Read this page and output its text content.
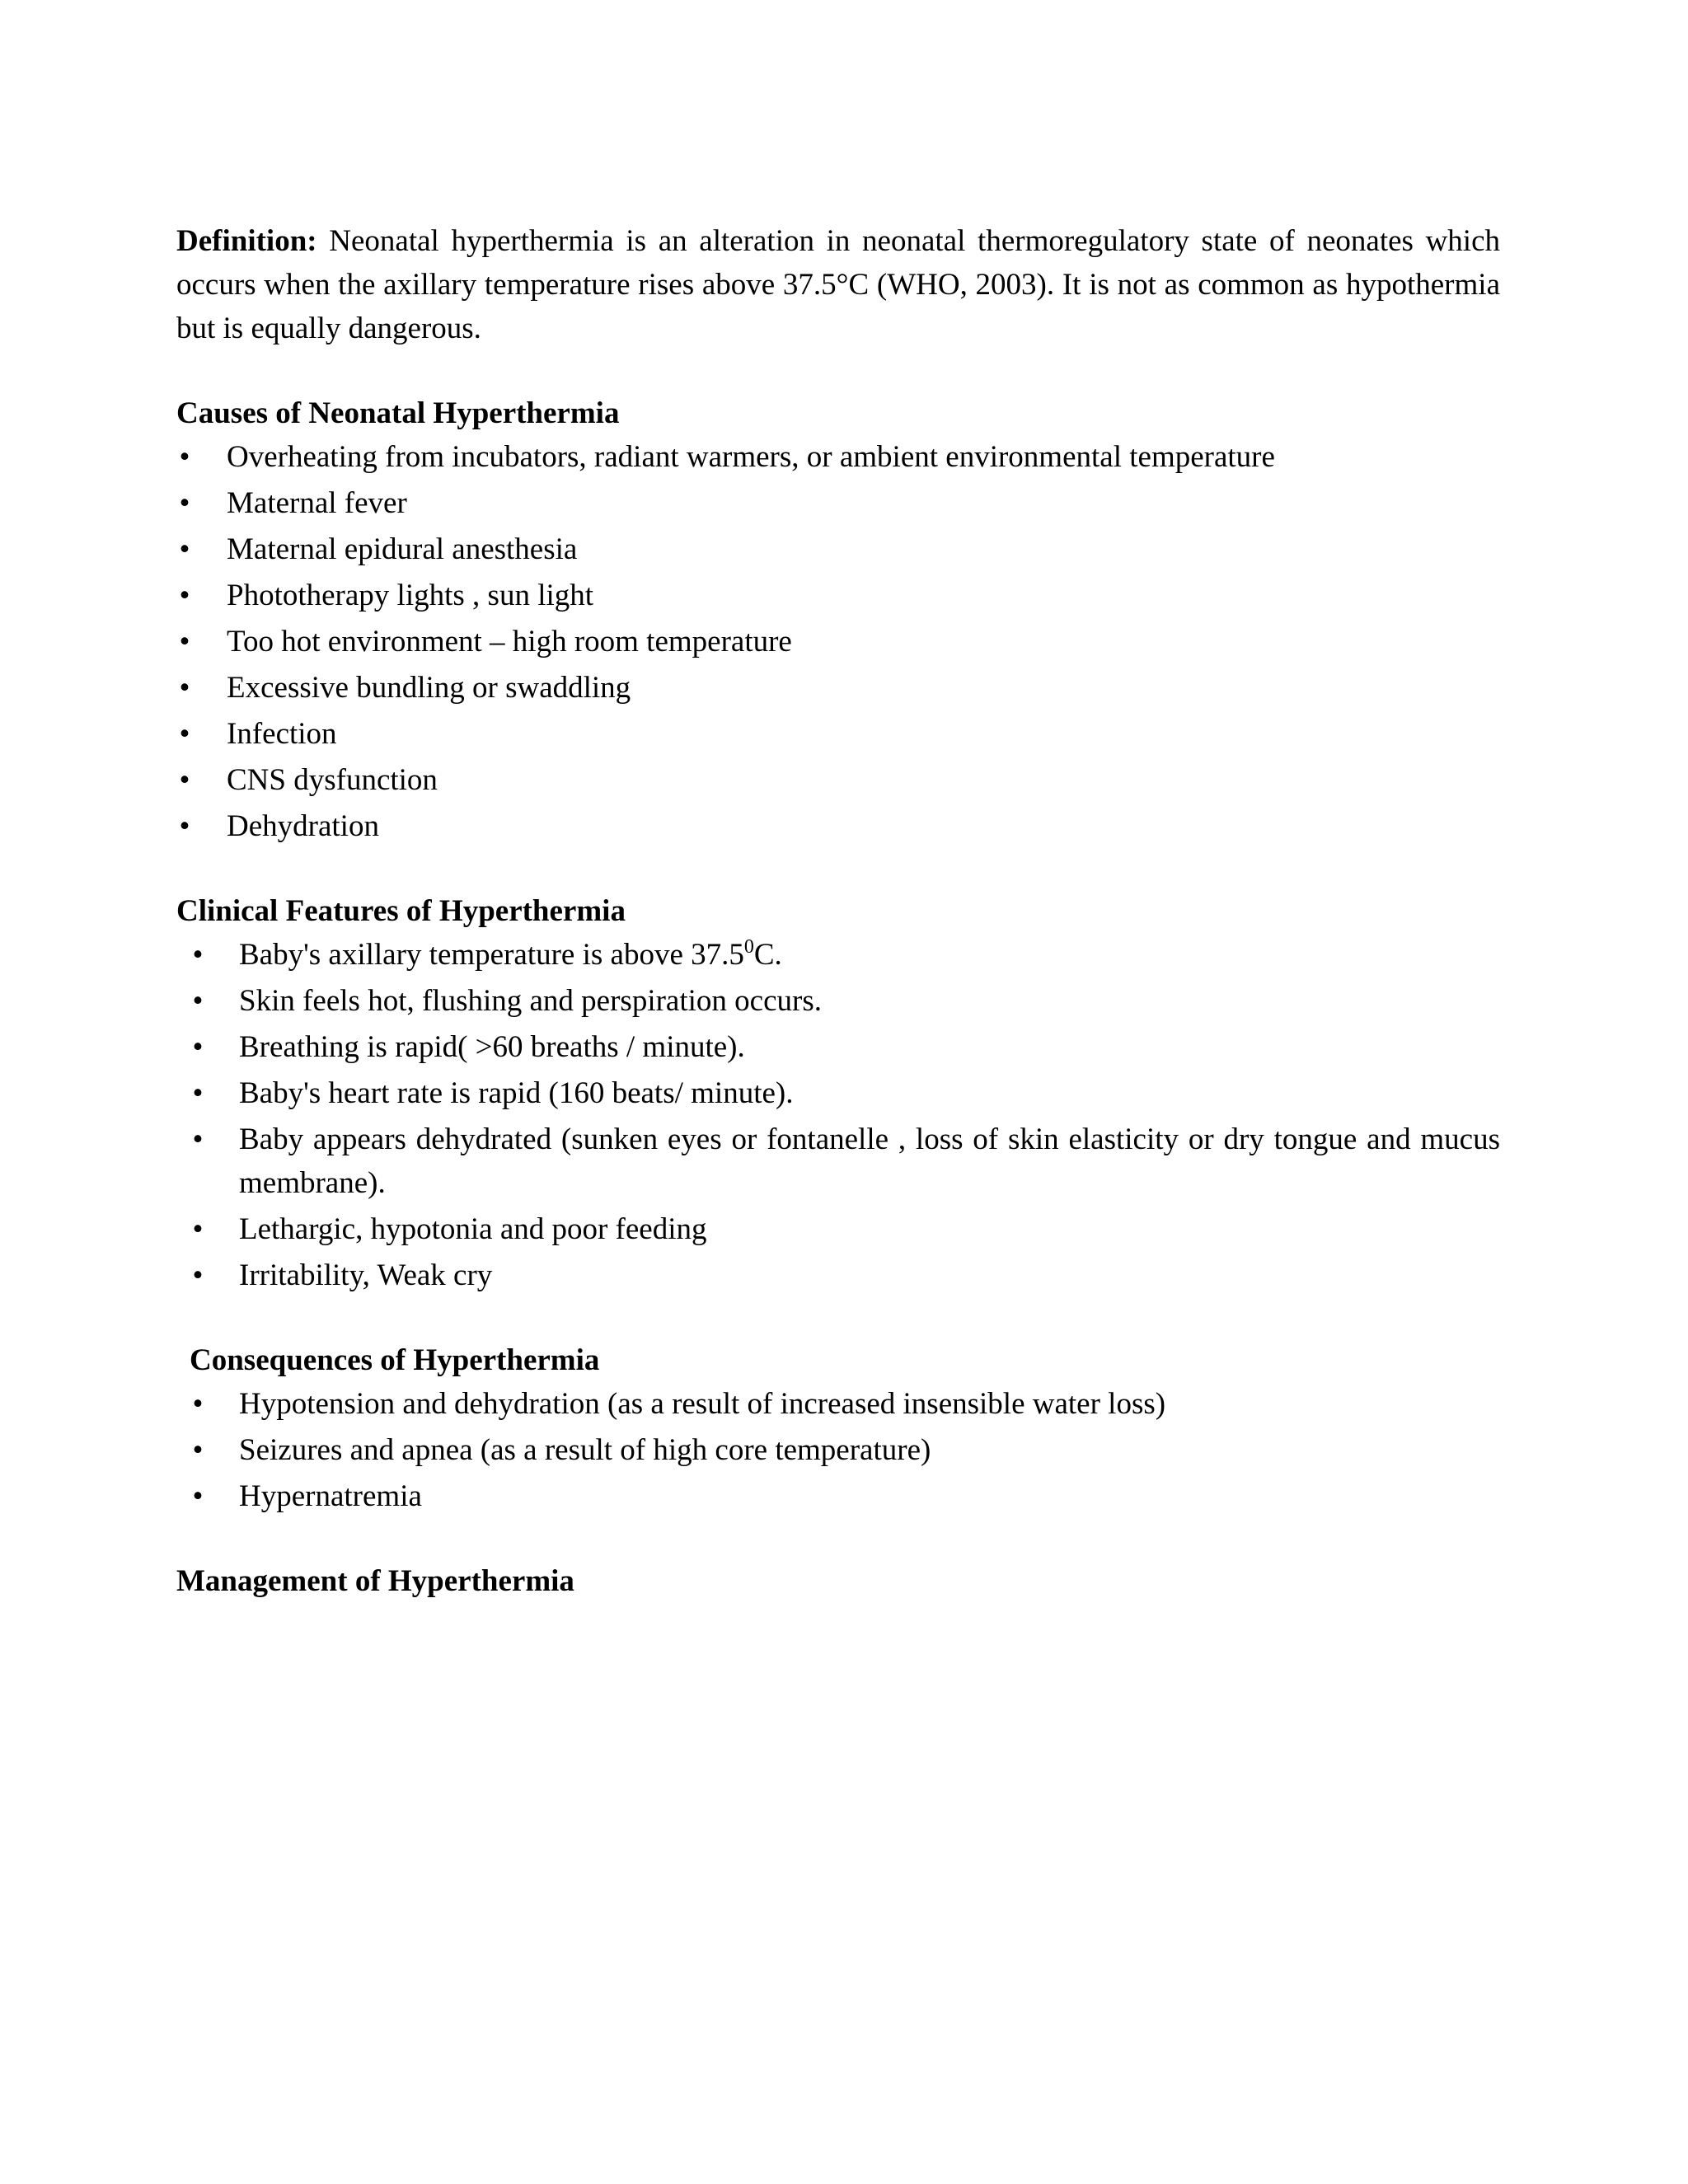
Definition: Neonatal hyperthermia is an alteration in neonatal thermoregulatory state of neonates which occurs when the axillary temperature rises above 37.5°C (WHO, 2003). It is not as common as hypothermia but is equally dangerous.

Causes of Neonatal Hyperthermia
• Overheating from incubators, radiant warmers, or ambient environmental temperature
• Maternal fever
• Maternal epidural anesthesia
• Phototherapy lights , sun light
• Too hot environment – high room temperature
• Excessive bundling or swaddling
• Infection
• CNS dysfunction
• Dehydration
Clinical Features of Hyperthermia
• Baby's axillary temperature is above 37.5$^0$C.
• Skin feels hot, flushing and perspiration occurs.
• Breathing is rapid( >60 breaths / minute).
• Baby's heart rate is rapid (160 beats/ minute).
• Baby appears dehydrated (sunken eyes or fontanelle , loss of skin elasticity or dry tongue and mucus membrane).
• Lethargic, hypotonia and poor feeding
• Irritability, Weak cry
Consequences of Hyperthermia
• Hypotension and dehydration (as a result of increased insensible water loss)
• Seizures and apnea (as a result of high core temperature)
• Hypernatremia
Management of Hyperthermia
